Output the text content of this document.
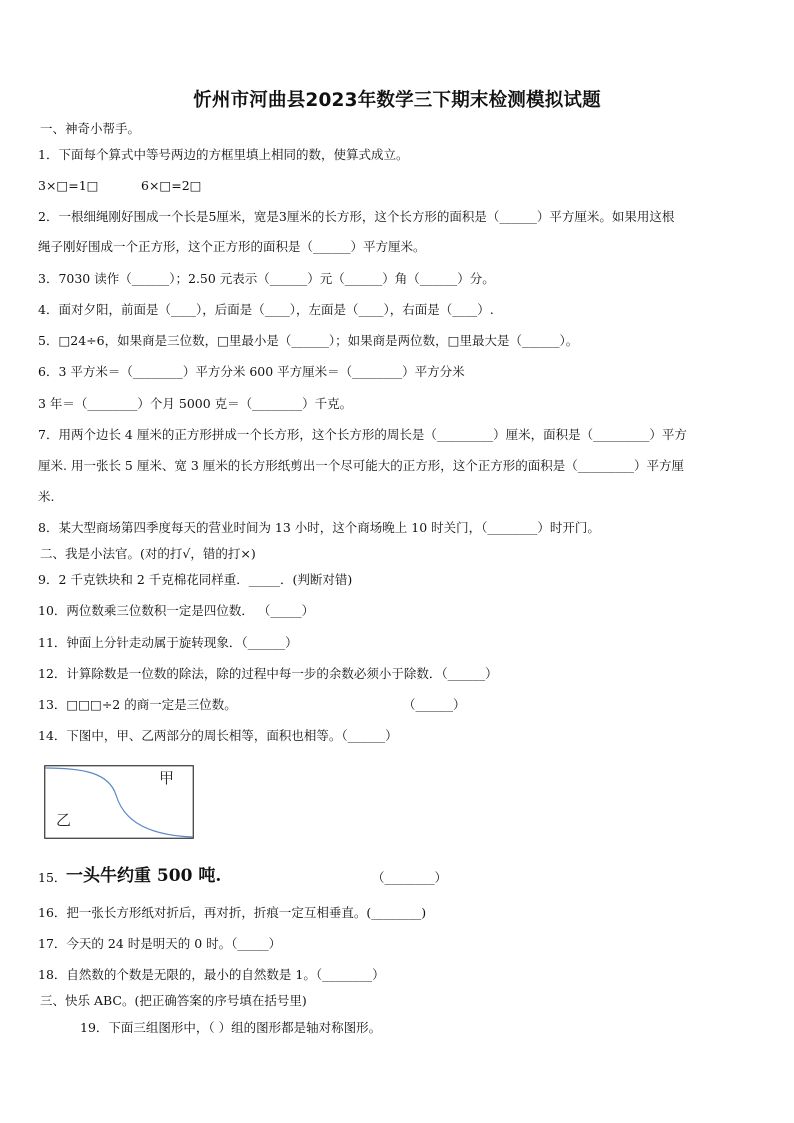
忻州市河曲县2023年数学三下期末检测模拟试题
一、神奇小帮手。
1．下面每个算式中等号两边的方框里填上相同的数，使算式成立。
3×□=1□	6×□=2□
2．一根细绳刚好围成一个长是5厘米，宽是3厘米的长方形，这个长方形的面积是（______）平方厘米。如果用这根
绳子刚好围成一个正方形，这个正方形的面积是（______）平方厘米。
3．7030 读作（______）；2.50 元表示（______）元（______）角（______）分。
4．面对夕阳，前面是（____），后面是（____），左面是（____），右面是（____）.
5．□24÷6，如果商是三位数，□里最小是（______）；如果商是两位数，□里最大是（______）。
6．3 平方米＝（________）平方分米 600 平方厘米＝（________）平方分米
3 年＝（________）个月 5000 克＝（________）千克。
7．用两个边长 4 厘米的正方形拼成一个长方形，这个长方形的周长是（_________）厘米，面积是（_________）平方
厘米. 用一张长 5 厘米、宽 3 厘米的长方形纸剪出一个尽可能大的正方形，这个正方形的面积是（_________）平方厘
米.
8．某大型商场第四季度每天的营业时间为 13 小时，这个商场晚上 10 时关门，（________）时开门。
二、我是小法官。(对的打√，错的打×)
9．2 千克铁块和 2 千克棉花同样重．_____．(判断对错)
10．两位数乘三位数积一定是四位数． （_____）
11．钟面上分针走动属于旋转现象．（______）
12．计算除数是一位数的除法，除的过程中每一步的余数必须小于除数．（______）
13．□□□÷2 的商一定是三位数。	（______）
14．下图中，甲、乙两部分的周长相等，面积也相等。（______）
甲
乙
15． 一头牛约重 500 吨.	（________）
16．把一张长方形纸对折后，再对折，折痕一定互相垂直。(________)
17．今天的 24 时是明天的 0 时。（_____）
18．自然数的个数是无限的，最小的自然数是 1。（________）
三、快乐 ABC。(把正确答案的序号填在括号里)
19．下面三组图形中，（ ）组的图形都是轴对称图形。
